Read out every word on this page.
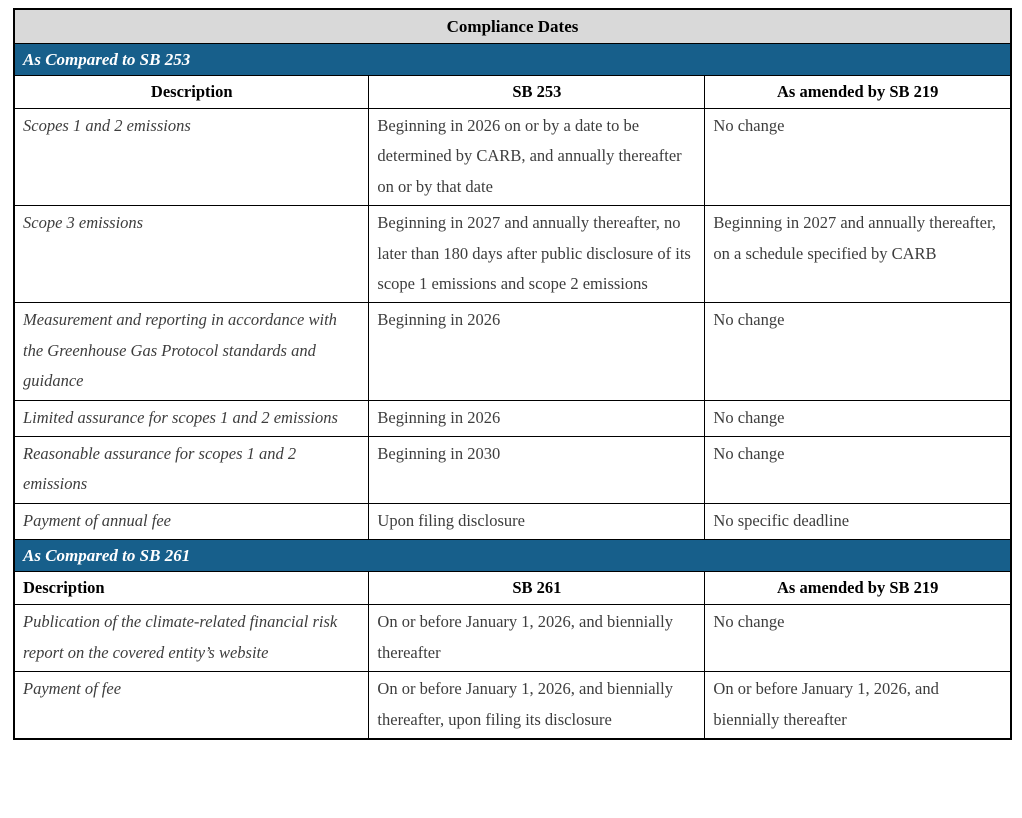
Compliance Dates		
As Compared to SB 253		
Description	SB 253	As amended by SB 219
Scopes 1 and 2 emissions	Beginning in 2026 on or by a date to be determined by CARB, and annually thereafter on or by that date	No change
Scope 3 emissions	Beginning in 2027 and annually thereafter, no later than 180 days after public disclosure of its scope 1 emissions and scope 2 emissions	Beginning in 2027 and annually thereafter, on a schedule specified by CARB
Measurement and reporting in accordance with the Greenhouse Gas Protocol standards and guidance	Beginning in 2026	No change
Limited assurance for scopes 1 and 2 emissions	Beginning in 2026	No change
Reasonable assurance for scopes 1 and 2 emissions	Beginning in 2030	No change
Payment of annual fee	Upon filing disclosure	No specific deadline
As Compared to SB 261		
Description	SB 261	As amended by SB 219
Publication of the climate-related financial risk report on the covered entity’s website	On or before January 1, 2026, and biennially thereafter	No change
Payment of fee	On or before January 1, 2026, and biennially thereafter, upon filing its disclosure	On or before January 1, 2026, and biennially thereafter
